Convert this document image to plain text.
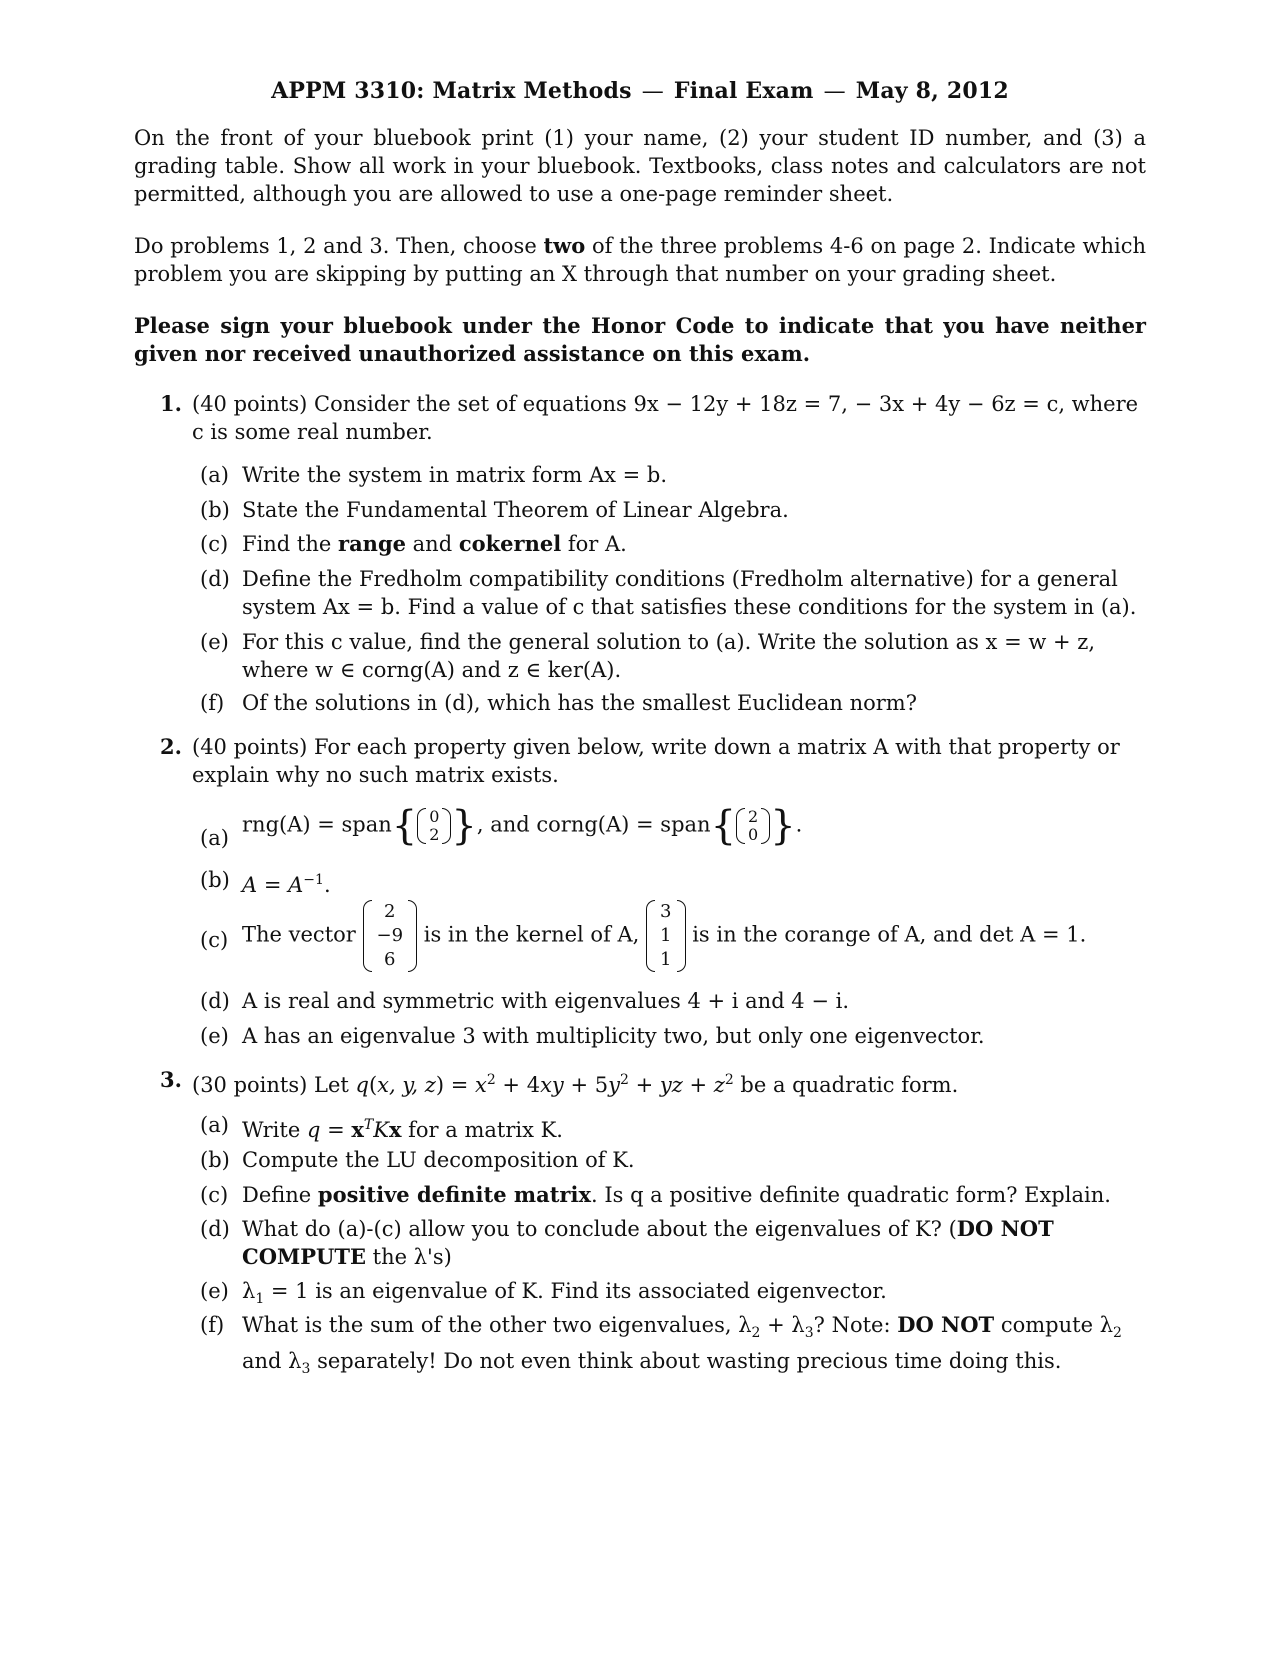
APPM 3310: Matrix Methods — Final Exam — May 8, 2012
On the front of your bluebook print (1) your name, (2) your student ID number, and (3) a grading table. Show all work in your bluebook. Textbooks, class notes and calculators are not permitted, although you are allowed to use a one-page reminder sheet.
Do problems 1, 2 and 3. Then, choose two of the three problems 4-6 on page 2. Indicate which problem you are skipping by putting an X through that number on your grading sheet.
Please sign your bluebook under the Honor Code to indicate that you have neither given nor received unauthorized assistance on this exam.
1. (40 points) Consider the set of equations 9x − 12y + 18z = 7, − 3x + 4y − 6z = c, where c is some real number.
(a) Write the system in matrix form Ax = b.
(b) State the Fundamental Theorem of Linear Algebra.
(c) Find the range and cokernel for A.
(d) Define the Fredholm compatibility conditions (Fredholm alternative) for a general system Ax = b. Find a value of c that satisfies these conditions for the system in (a).
(e) For this c value, find the general solution to (a). Write the solution as x = w + z, where w ∈ corng(A) and z ∈ ker(A).
(f) Of the solutions in (d), which has the smallest Euclidean norm?
2. (40 points) For each property given below, write down a matrix A with that property or explain why no such matrix exists.
(a)
rng(A) = span{ 0
2 }, and corng(A) = span{ 2
0 }.
(b) $A = A^{-1}$.
(c) The vector 2
−9
6 is in the kernel of A, 3
1
1 is in the corange of A, and det A = 1.
(d) A is real and symmetric with eigenvalues 4 + i and 4 − i.
(e) A has an eigenvalue 3 with multiplicity two, but only one eigenvector.
3. (30 points) Let q(x, y, $z) = x^2 + 4xy + 5y^2$ + yz + $z^2$ be a quadratic form.
(a) Write $q = x^TKx$ for a matrix K.
(b) Compute the LU decomposition of K.
(c) Define positive definite matrix. Is q a positive definite quadratic form? Explain.
(d) What do (a)-(c) allow you to conclude about the eigenvalues of K? (DO NOT COMPUTE the λ's)
(e) $\lambda_1 = 1$ is an eigenvalue of K. Find its associated eigenvector.
(f) What is the sum of the other two eigenvalues, $\lambda_2 + \lambda_3$? Note: DO NOT compute $\lambda_2$ and $\lambda_3$ separately! Do not even think about wasting precious time doing this.
